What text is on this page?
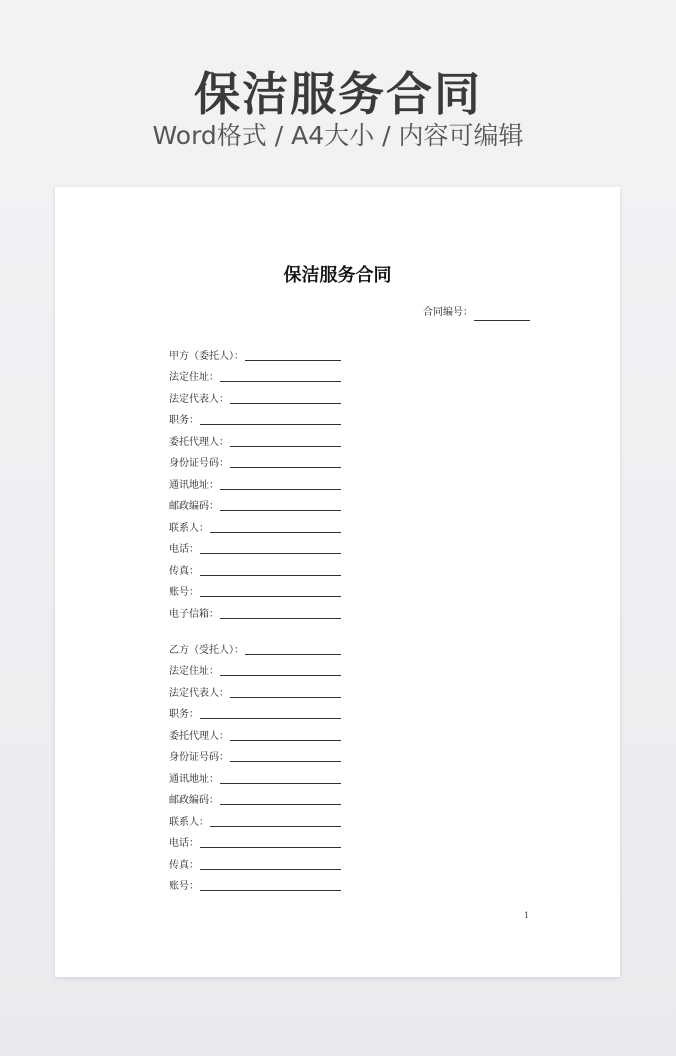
保洁服务合同
Word格式 / A4大小 / 内容可编辑
保洁服务合同
合同编号：
甲方（委托人）：
法定住址：
法定代表人：
职务：
委托代理人：
身份证号码：
通讯地址：
邮政编码：
联系人：
电话：
传真：
账号：
电子信箱：
乙方（受托人）：
法定住址：
法定代表人：
职务：
委托代理人：
身份证号码：
通讯地址：
邮政编码：
联系人：
电话：
传真：
账号：
1
